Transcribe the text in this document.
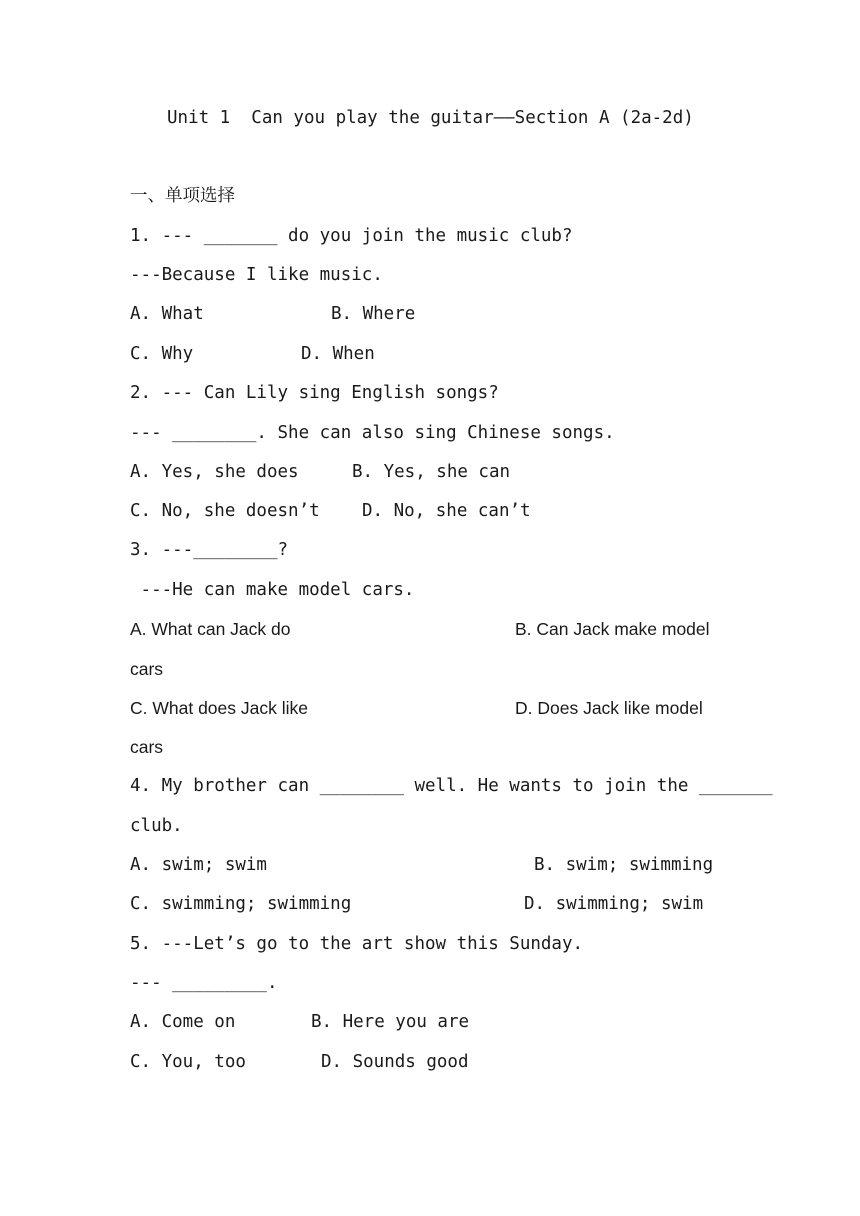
Unit 1  Can you play the guitar——Section A (2a-2d)
一、单项选择
1. --- _______ do you join the music club?
---Because I like music.
A. What	B. Where
C. Why	D. When
2. --- Can Lily sing English songs?
--- ________. She can also sing Chinese songs.
A. Yes, she does	B. Yes, she can
C. No, she doesn’t D. No, she can’t
3. ---________?
---He can make model cars.
A. What can Jack do	B. Can Jack make model
cars
C. What does Jack like	D. Does Jack like model
cars
4. My brother can ________ well. He wants to join the _______
club.
A. swim; swim	B. swim; swimming
C. swimming; swimming	D. swimming; swim
5. ---Let’s go to the art show this Sunday.
--- _________.
A. Come on	B. Here you are
C. You, too	D. Sounds good
